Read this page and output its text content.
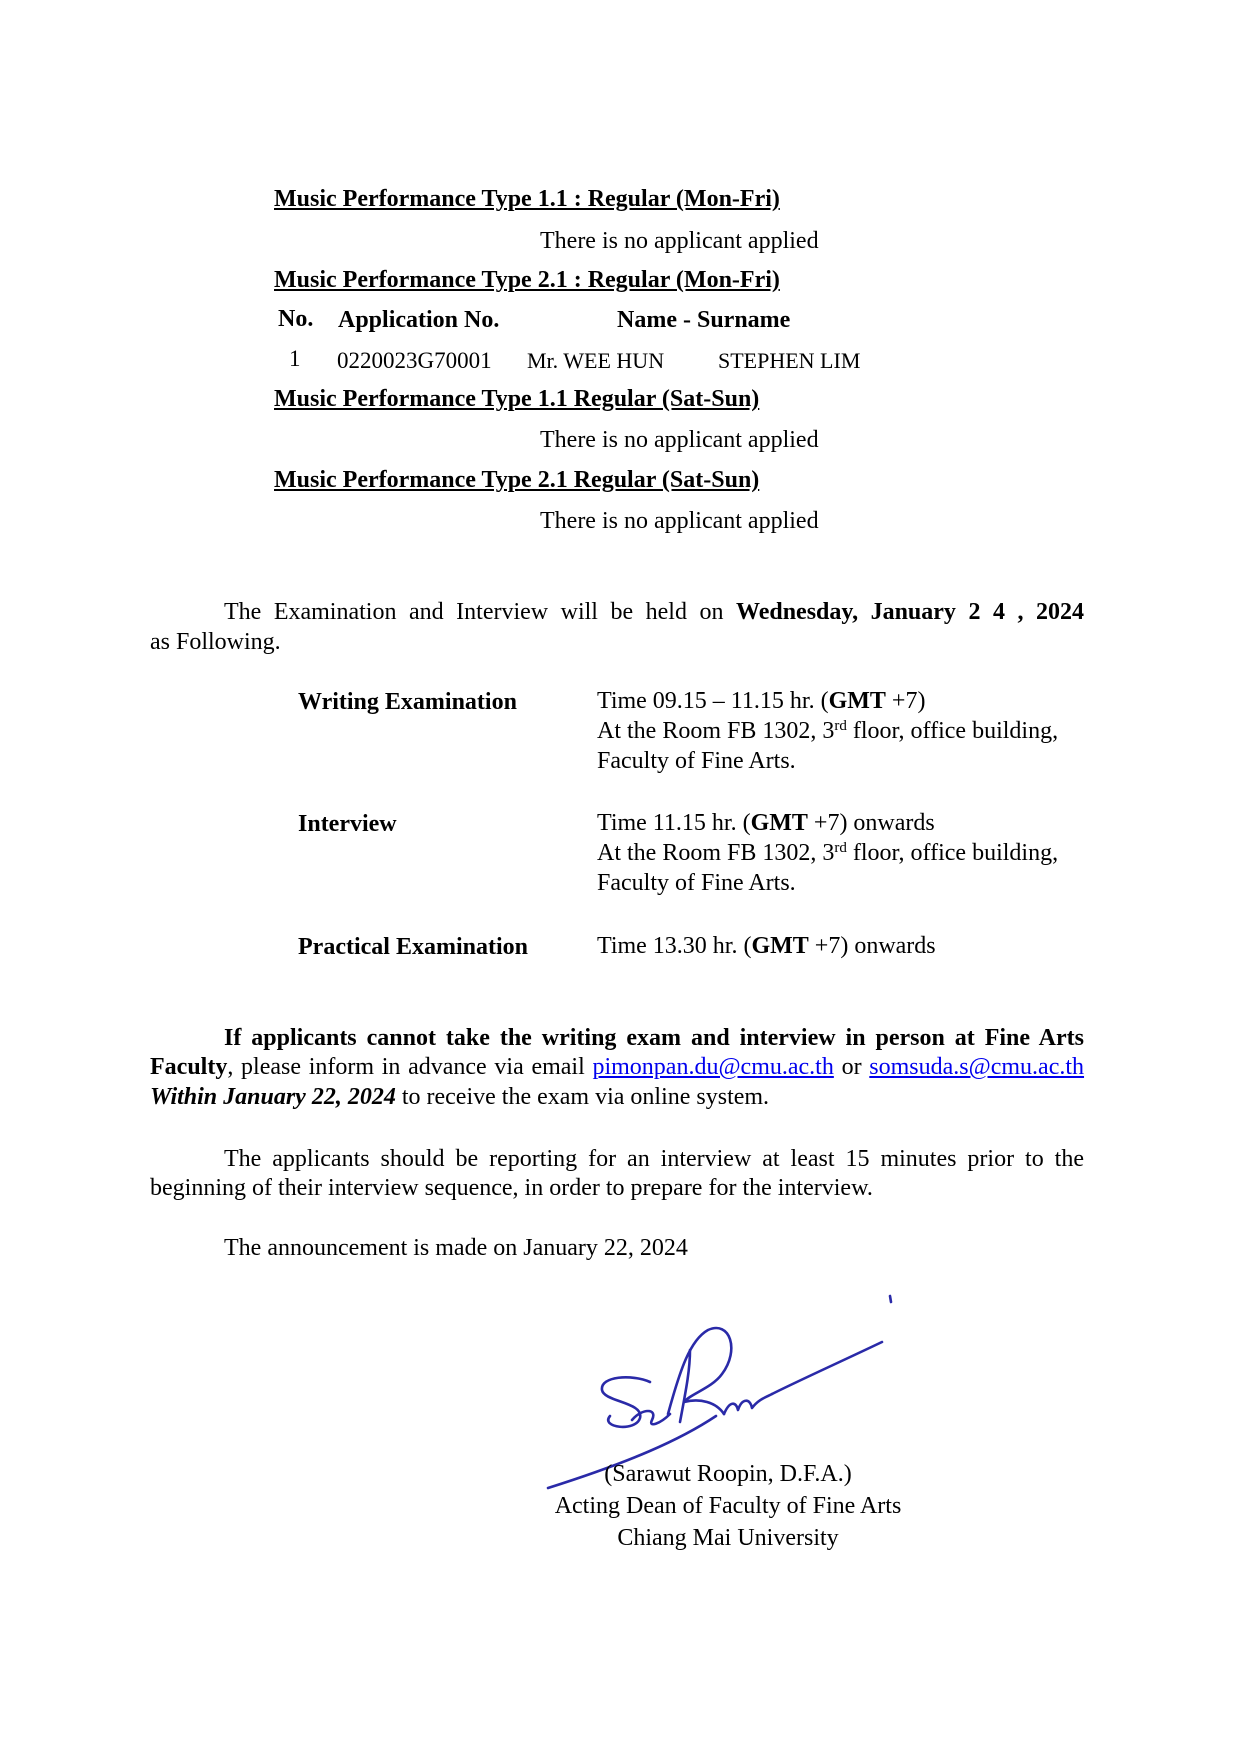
Music Performance Type 1.1 : Regular (Mon-Fri)
There is no applicant applied
Music Performance Type 2.1 : Regular (Mon-Fri)
No. Application No.	Name - Surname
1 0220023G70001 Mr. WEE HUN STEPHEN LIM
Music Performance Type 1.1 Regular (Sat-Sun)
There is no applicant applied
Music Performance Type 2.1 Regular (Sat-Sun)
There is no applicant applied
The Examination and Interview will be held on Wednesday, January 2 4 , 2024
as Following.
Writing Examination	Time 09.15 – 11.15 hr. (GMT +7)
At the Room FB 1302, 3rd floor, office building,
Faculty of Fine Arts.
Interview	Time 11.15 hr. (GMT +7) onwards
At the Room FB 1302, 3rd floor, office building,
Faculty of Fine Arts.
Practical Examination	Time 13.30 hr. (GMT +7) onwards
If applicants cannot take the writing exam and interview in person at Fine Arts
Faculty, please inform in advance via email pimonpan.du@cmu.ac.th or somsuda.s@cmu.ac.th
Within January 22, 2024 to receive the exam via online system.
The applicants should be reporting for an interview at least 15 minutes prior to the
beginning of their interview sequence, in order to prepare for the interview.
The announcement is made on January 22, 2024
(Sarawut Roopin, D.F.A.)
Acting Dean of Faculty of Fine Arts
Chiang Mai University
